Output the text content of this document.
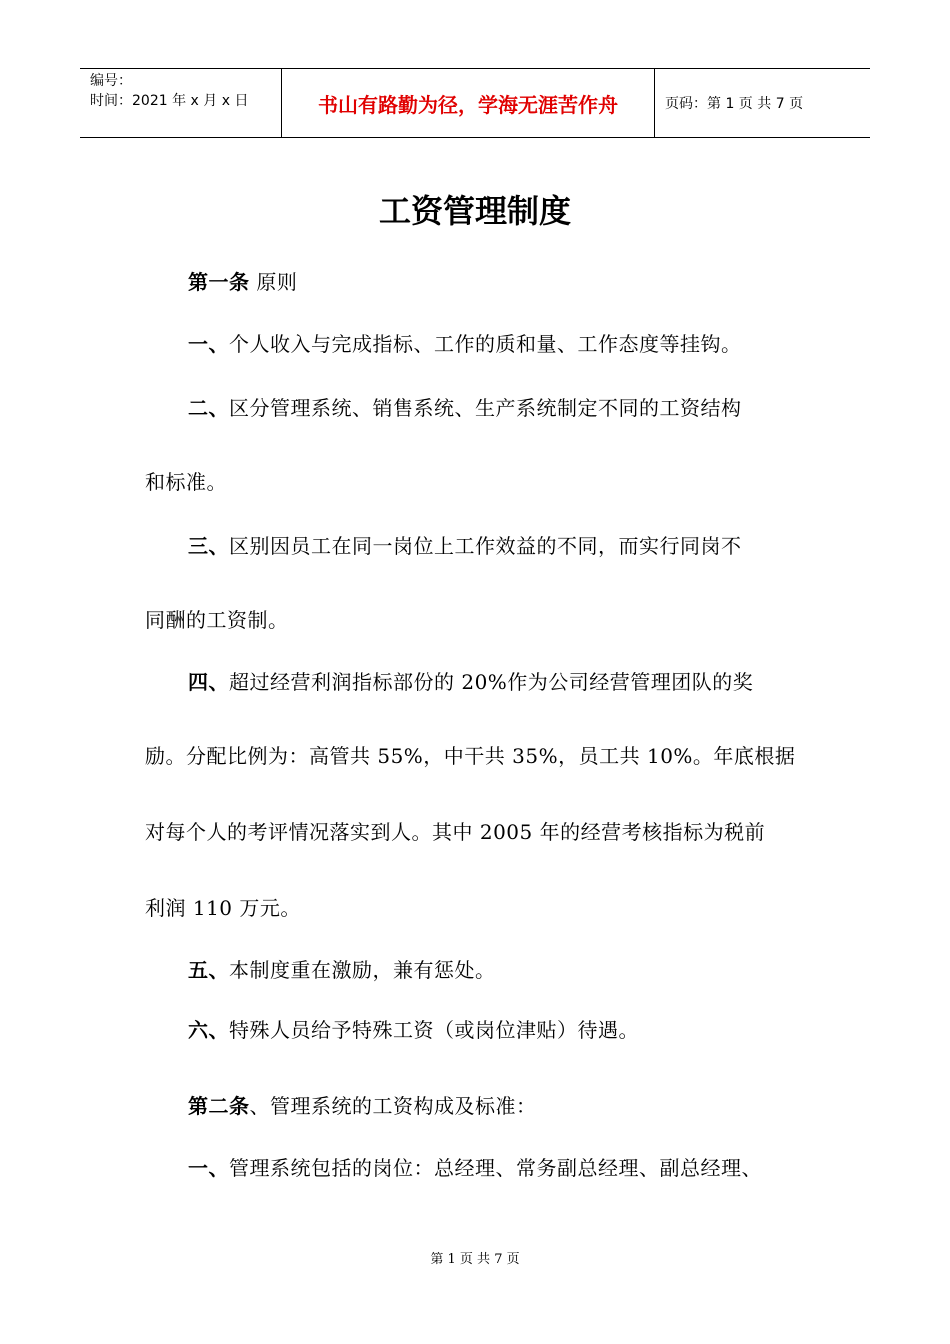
编号：
时间：2021 年 x 月 x 日	书山有路勤为径，学海无涯苦作舟	页码：第 1 页 共 7 页
工资管理制度
第一条 原则
一、个人收入与完成指标、工作的质和量、工作态度等挂钩。
二、区分管理系统、销售系统、生产系统制定不同的工资结构
和标准。
三、区别因员工在同一岗位上工作效益的不同，而实行同岗不
同酬的工资制。
四、超过经营利润指标部份的 20%作为公司经营管理团队的奖
励。分配比例为：高管共 55%，中干共 35%，员工共 10%。年底根据
对每个人的考评情况落实到人。其中 2005 年的经营考核指标为税前
利润 110 万元。
五、本制度重在激励，兼有惩处。
六、特殊人员给予特殊工资（或岗位津贴）待遇。
第二条、管理系统的工资构成及标准：
一、管理系统包括的岗位：总经理、常务副总经理、副总经理、
第 1 页 共 7 页
